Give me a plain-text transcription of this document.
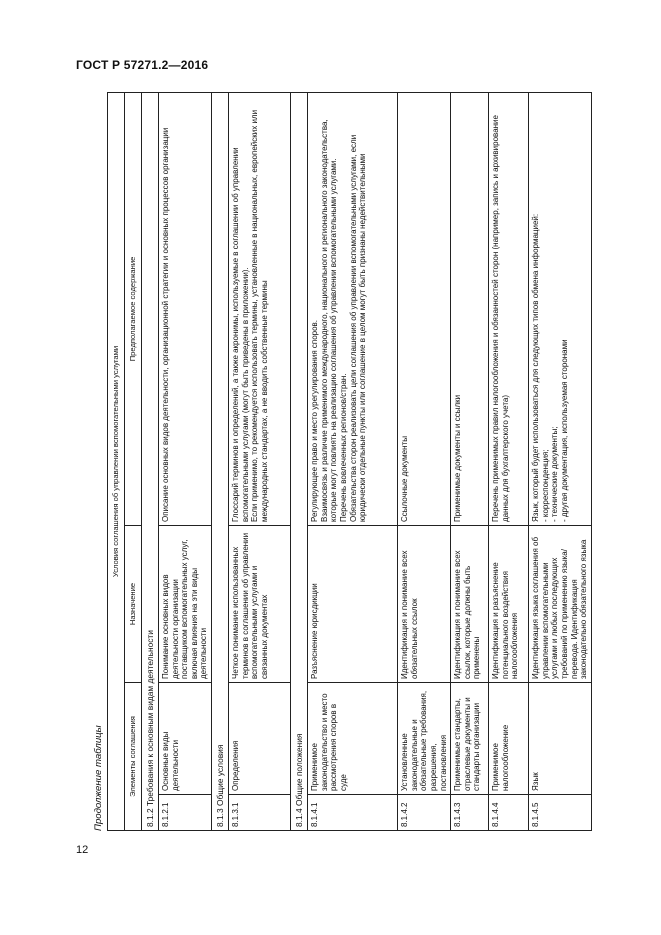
ГОСТ Р 57271.2—2016
Продолжение таблицы
Условия соглашения об управлении вспомогательными услугами			
Элементы соглашения		Назначение	Предполагаемое содержание
8.1.2 Требования к основным видам деятельности			
8.1.2.1	Основные виды деятельности	Понимание основных видов деятельности организации поставщиком вспомогательных услуг, включая влияния на эти виды деятельности	Описание основных видов деятельности, организационной стратегии и основных процессов организации

8.1.3 Общие условия			
8.1.3.1	Определения	Четкое понимание использованных терминов в соглашении об управлении вспомогательными услугами и связанных документах	Глоссарий терминов и определений, а также акронимы, используемые в соглашении об управлении вспомогательными услугами (могут быть приведены в приложении). Если применимо, то рекомендуется использовать термины, установленные в национальных, европейских или международных стандартах, а не вводить собственные термины

8.1.4 Общие положения			
8.1.4.1	Применимое законодательство и место рассмотрения споров в суде	Разъяснение юрисдикции	Регулирующее право и место урегулирования споров. Взаимосвязь и различие применимого международного, национального и регионального законодательства, которые могут повлиять на реализацию соглашения об управлении вспомогательными услугами. Перечень вовлеченных регионов/стран. Обязательства сторон реализовать цели соглашения об управлении вспомогательными услугами, если юридически отдельные пункты или соглашение в целом могут быть признаны недействительными

8.1.4.2	Установленные законодательные и обязательные требования, разрешения, постановления	Идентификация и понимание всех обязательных ссылок	Ссылочные документы

8.1.4.3	Применимые стандарты, отраслевые документы и стандарты организации	Идентификация и понимание всех ссылок, которые должны быть применены	Применимые документы и ссылки

8.1.4.4	Применимое налогообложение	Идентификация и разъяснение потенциального воздействия налогообложения	Перечень применимых правил налогообложения и обязанностей сторон (например, запись и архивирование данных для бухгалтерского учета)

8.1.4.5	Язык	Идентификация языка соглашения об управлении вспомогательными услугами и любых последующих требований по применению языка/перевода. Идентификация законодательно обязательного языка	Язык, который будет использоваться для следующих типов обмена информацией: - корреспонденция; - технические документы; - другая документация, используемая сторонами
12
